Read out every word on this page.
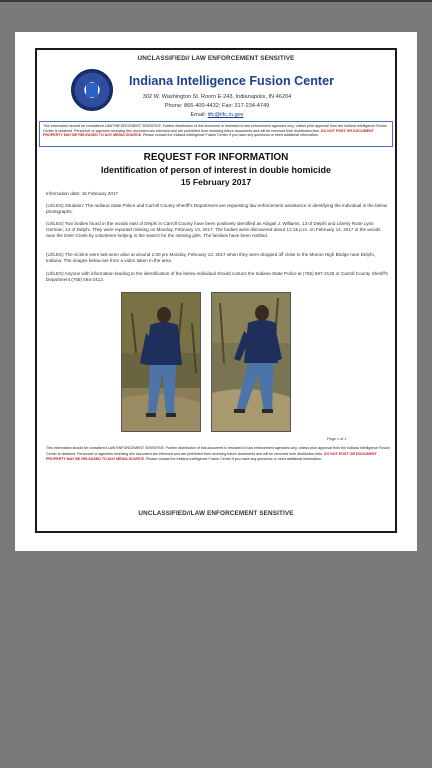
UNCLASSIFIED// LAW ENFORCEMENT SENSITIVE
Indiana Intelligence Fusion Center
302 W. Washington St. Room E-243, Indianapolis, IN 46204
Phone: 866-400-4432; Fax: 317-234-4749
Email: iifc@iifc.in.gov
This information should be considered LAW ENFORCEMENT SENSITIVE. Further distribution of this document is restricted to law enforcement agencies only, unless prior approval from the Indiana Intelligence Fusion Center is obtained. Personnel or agencies receiving this document are informed and are prohibited from receiving future documents and will be removed from distribution lists. DO NOT POST OR DOCUMENT PROPERTY MAY BE RELEASED TO ANY MEDIA SOURCE. Please contact the Indiana Intelligence Fusion Center if you have any questions or need additional information.
REQUEST FOR INFORMATION
Identification of person of interest in double homicide
15 February 2017
Information date: 15 February 2017
(U//LES) Situation: The Indiana State Police and Carroll County Sheriff's Department are requesting law enforcement assistance in identifying the individual in the below photographs.
(U//LES) Two bodies found in the woods east of Delphi in Carroll County have been positively identified as Abigail J. Williams, 13 of Delphi and Liberty Rose Lynn German, 14 of Delphi. They were reported missing on Monday, February 13, 2017. The bodies were discovered about 12:15 p.m. on February 14, 2017 in the woods near the Deer Creek by volunteers helping in the search for the missing girls. The families have been notified.
(U//LES) The victims were last seen alive at around 1:00 pm Monday, February 13, 2017 when they were dropped off close to the Monon High Bridge near Delphi, Indiana. The images below are from a video taken in the area.
(U//LES) Anyone with information leading to the identification of the below individual should contact the Indiana State Police at (765) 567-2125 or Carroll County Sheriff's Department (765) 564-2413.
Page 1 of 1
This information should be considered LAW ENFORCEMENT SENSITIVE. Further distribution of this document is restricted to law enforcement agencies only, unless prior approval from the Indiana Intelligence Fusion Center is obtained. Personnel or agencies receiving this document are informed and are prohibited from receiving future documents and will be removed from distribution lists. DO NOT POST OR DOCUMENT PROPERTY MAY BE RELEASED TO ANY MEDIA SOURCE. Please contact the Indiana Intelligence Fusion Center if you have any questions or need additional information.
UNCLASSIFIED//LAW ENFORCEMENT SENSITIVE
